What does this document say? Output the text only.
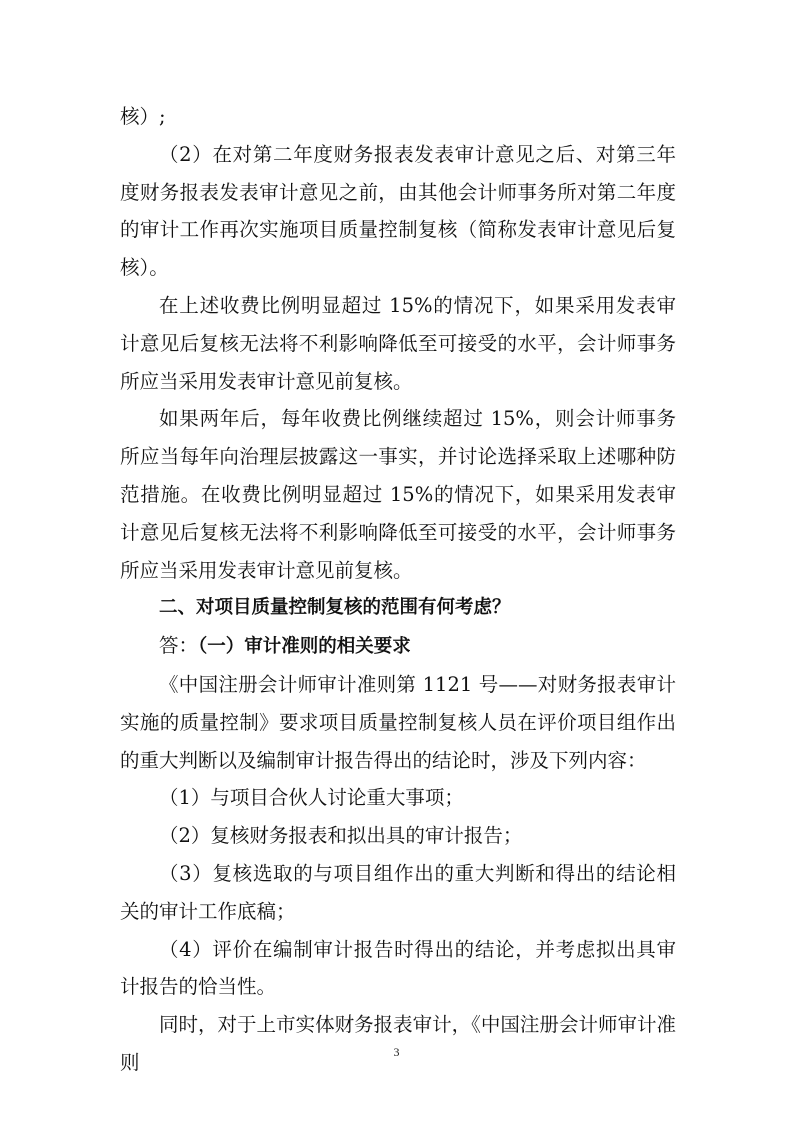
核）;

（2）在对第二年度财务报表发表审计意见之后、对第三年度财务报表发表审计意见之前，由其他会计师事务所对第二年度的审计工作再次实施项目质量控制复核（简称发表审计意见后复核）。

在上述收费比例明显超过 15%的情况下，如果采用发表审计意见后复核无法将不利影响降低至可接受的水平，会计师事务所应当采用发表审计意见前复核。

如果两年后，每年收费比例继续超过 15%，则会计师事务所应当每年向治理层披露这一事实，并讨论选择采取上述哪种防范措施。在收费比例明显超过 15%的情况下，如果采用发表审计意见后复核无法将不利影响降低至可接受的水平，会计师事务所应当采用发表审计意见前复核。

二、对项目质量控制复核的范围有何考虑？

答：（一）审计准则的相关要求

《中国注册会计师审计准则第 1121 号——对财务报表审计实施的质量控制》要求项目质量控制复核人员在评价项目组作出的重大判断以及编制审计报告得出的结论时，涉及下列内容：

（1）与项目合伙人讨论重大事项；

（2）复核财务报表和拟出具的审计报告；

（3）复核选取的与项目组作出的重大判断和得出的结论相关的审计工作底稿；

（4）评价在编制审计报告时得出的结论，并考虑拟出具审计报告的恰当性。

同时，对于上市实体财务报表审计，《中国注册会计师审计准则	3
